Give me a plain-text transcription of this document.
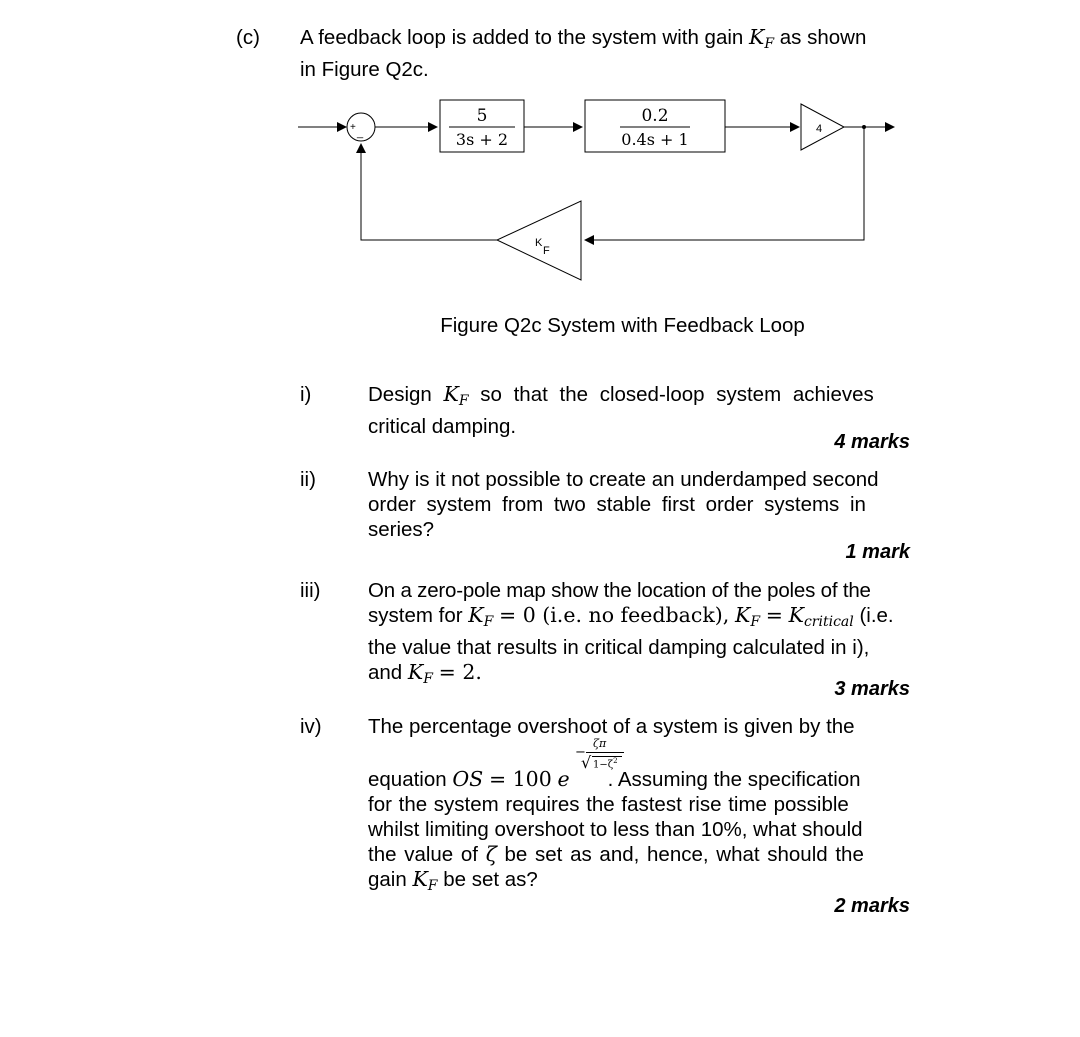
(c) A feedback loop is added to the system with gain $K_F$ as shown
in Figure Q2c.
+ _
5
3s + 2
0.2
0.4s + 1
4
K
F
Figure Q2c System with Feedback Loop
i)	Design $K_F$ so that the closed-loop system achieves
critical damping.
4 marks
ii)	Why is it not possible to create an underdamped second
order system from two stable first order systems in
series?
1 mark
iii) On a zero-pole map show the location of the poles of the
system for $K_F = 0$ (i.e. no feedback), $K_F = K_{critical}$ (i.e.
the value that results in critical damping calculated in i),
and $K_F = 2$.
3 marks
iv) The percentage overshoot of a system is given by the
−
ζπ
√ $1-\zeta^2$
equation OS = 100 e . Assuming the specification
for the system requires the fastest rise time possible
whilst limiting overshoot to less than 10%, what should
the value of ζ be set as and, hence, what should the
gain $K_F$ be set as?
2 marks
